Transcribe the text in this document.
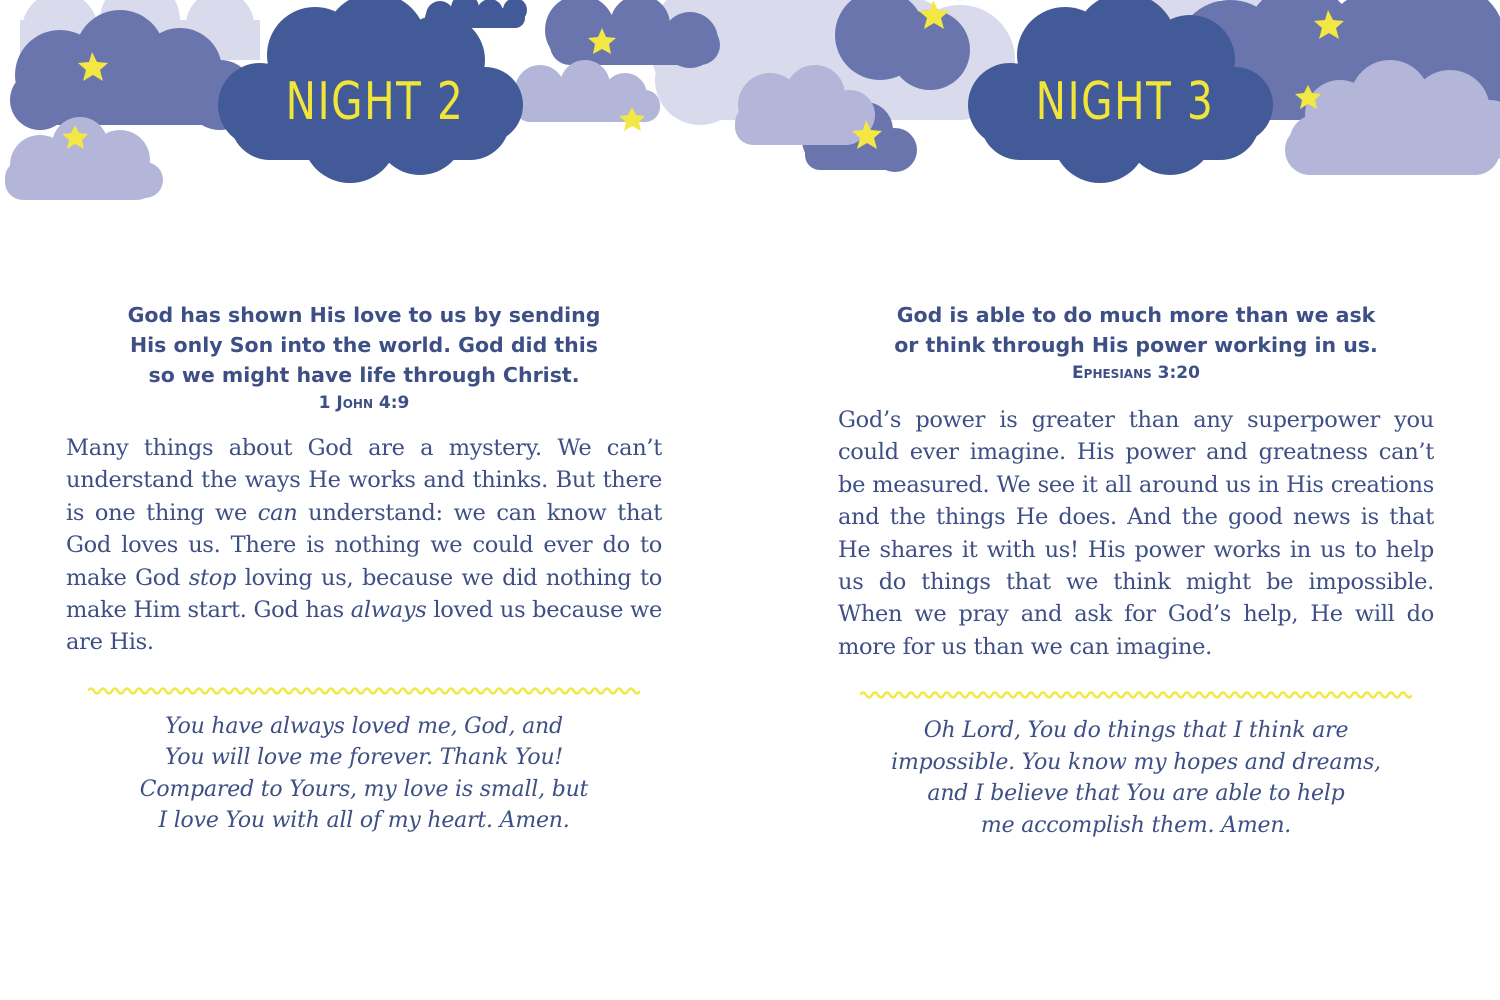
NIGHT 2	NIGHT 3

God has shown His love to us by sending
His only Son into the world. God did this
so we might have life through Christ.

1 John 4:9

Many things about God are a mystery. We can’t understand the ways He works and thinks. But there is one thing we can understand: we can know that God loves us. There is nothing we could ever do to make God stop loving us, because we did nothing to make Him start. God has always loved us because we are His.

You have always loved me, God, and
You will love me forever. Thank You!
Compared to Yours, my love is small, but
I love You with all of my heart. Amen.

God is able to do much more than we ask
or think through His power working in us.

Ephesians 3:20

God’s power is greater than any superpower you could ever imagine. His power and greatness can’t be measured. We see it all around us in His creations and the things He does. And the good news is that He shares it with us! His power works in us to help us do things that we think might be impossible. When we pray and ask for God’s help, He will do more for us than we can imagine.

Oh Lord, You do things that I think are
impossible. You know my hopes and dreams,
and I believe that You are able to help
me accomplish them. Amen.
